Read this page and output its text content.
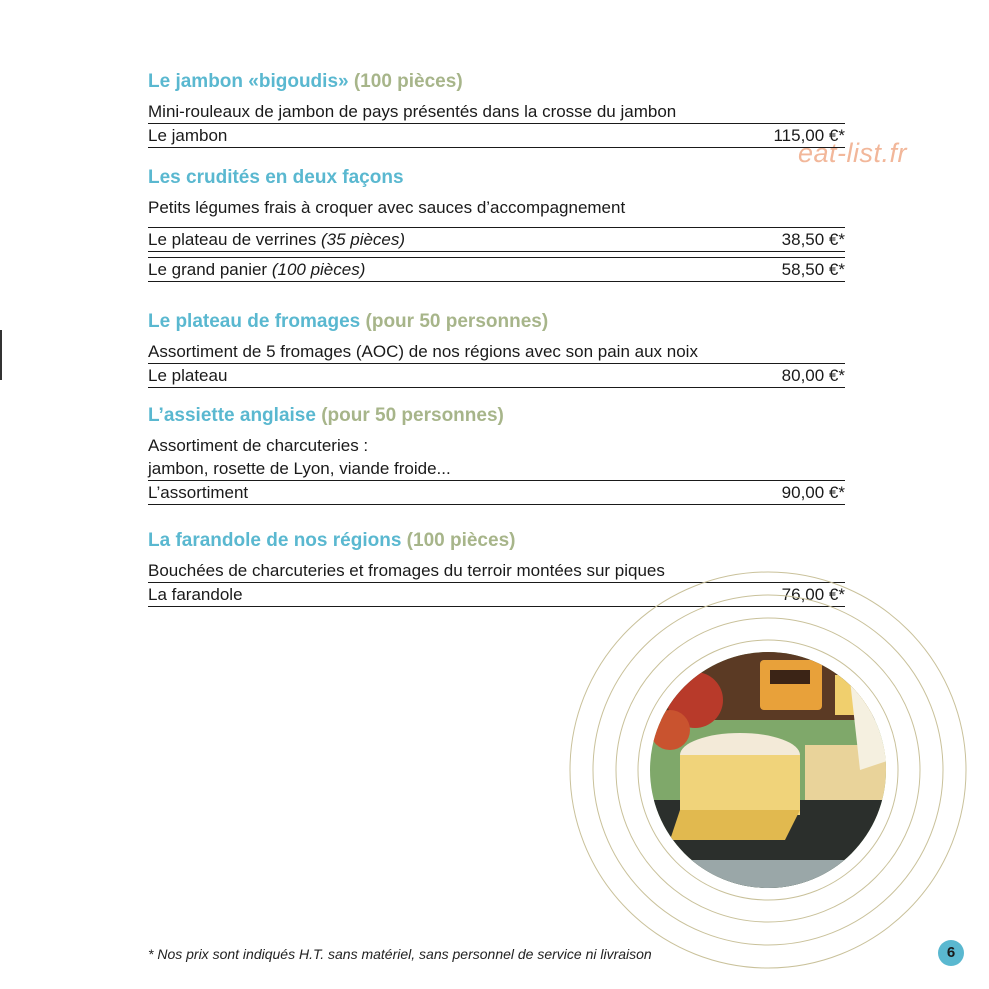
eat-list.fr
Le jambon «bigoudis» (100 pièces)
Mini-rouleaux de jambon de pays présentés dans la crosse du jambon
Le jambon	115,00 €*
Les crudités en deux façons
Petits légumes frais à croquer avec sauces d’accompagnement
Le plateau de verrines (35 pièces)	38,50 €*
Le grand panier (100 pièces)	58,50 €*
Le plateau de fromages (pour 50 personnes)
Assortiment de 5 fromages (AOC) de nos régions avec son pain aux noix
Le plateau	80,00 €*
L’assiette anglaise (pour 50 personnes)
Assortiment de charcuteries :
jambon, rosette de Lyon, viande froide...
L’assortiment	90,00 €*
La farandole de nos régions (100 pièces)
Bouchées de charcuteries et fromages du terroir montées sur piques
La farandole	76,00 €*
* Nos prix sont indiqués H.T. sans matériel, sans personnel de service ni livraison	6
